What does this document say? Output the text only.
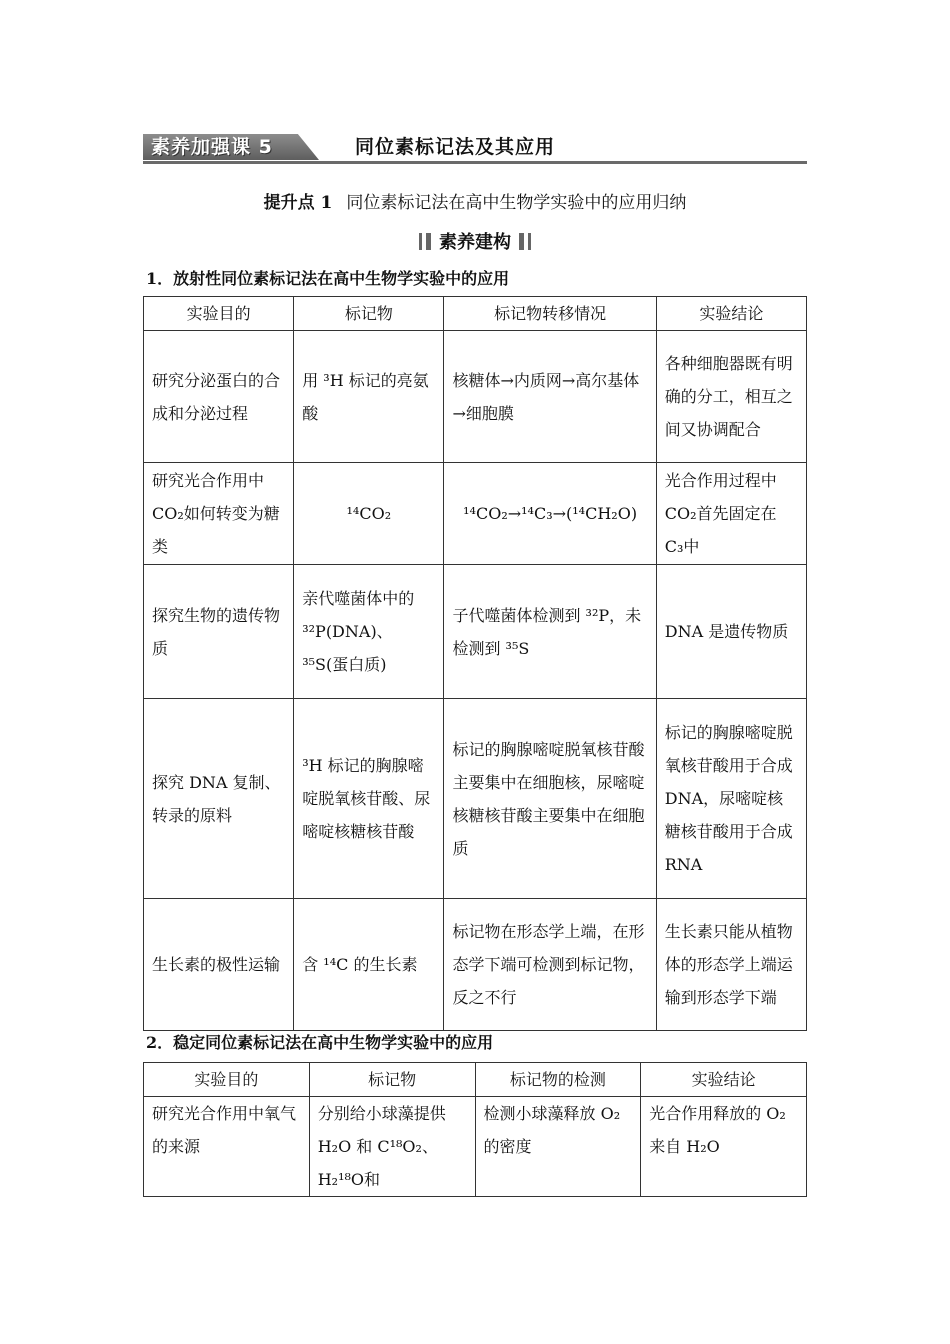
素养加强课 5	同位素标记法及其应用
提升点 1 同位素标记法在高中生物学实验中的应用归纳
素养建构
1．放射性同位素标记法在高中生物学实验中的应用
实验目的	标记物	标记物转移情况	实验结论
研究分泌蛋白的合成和分泌过程	用 ³H 标记的亮氨酸	核糖体→内质网→高尔基体→细胞膜	各种细胞器既有明确的分工，相互之间又协调配合
研究光合作用中 CO₂如何转变为糖类	¹⁴CO₂	¹⁴CO₂→¹⁴C₃→(¹⁴CH₂O)	光合作用过程中 CO₂首先固定在 C₃中
探究生物的遗传物质	亲代噬菌体中的 ³²P(DNA)、³⁵S(蛋白质)	子代噬菌体检测到 ³²P，未检测到 ³⁵S	DNA 是遗传物质
探究 DNA 复制、转录的原料	³H 标记的胸腺嘧啶脱氧核苷酸、尿嘧啶核糖核苷酸	标记的胸腺嘧啶脱氧核苷酸主要集中在细胞核，尿嘧啶核糖核苷酸主要集中在细胞质	标记的胸腺嘧啶脱氧核苷酸用于合成 DNA，尿嘧啶核糖核苷酸用于合成 RNA
生长素的极性运输	含 ¹⁴C 的生长素	标记物在形态学上端，在形态学下端可检测到标记物，反之不行	生长素只能从植物体的形态学上端运输到形态学下端
2．稳定同位素标记法在高中生物学实验中的应用
实验目的	标记物	标记物的检测	实验结论
研究光合作用中氧气的来源	分别给小球藻提供 H₂O 和 C¹⁸O₂、H₂¹⁸O和	检测小球藻释放 O₂的密度	光合作用释放的 O₂来自 H₂O
